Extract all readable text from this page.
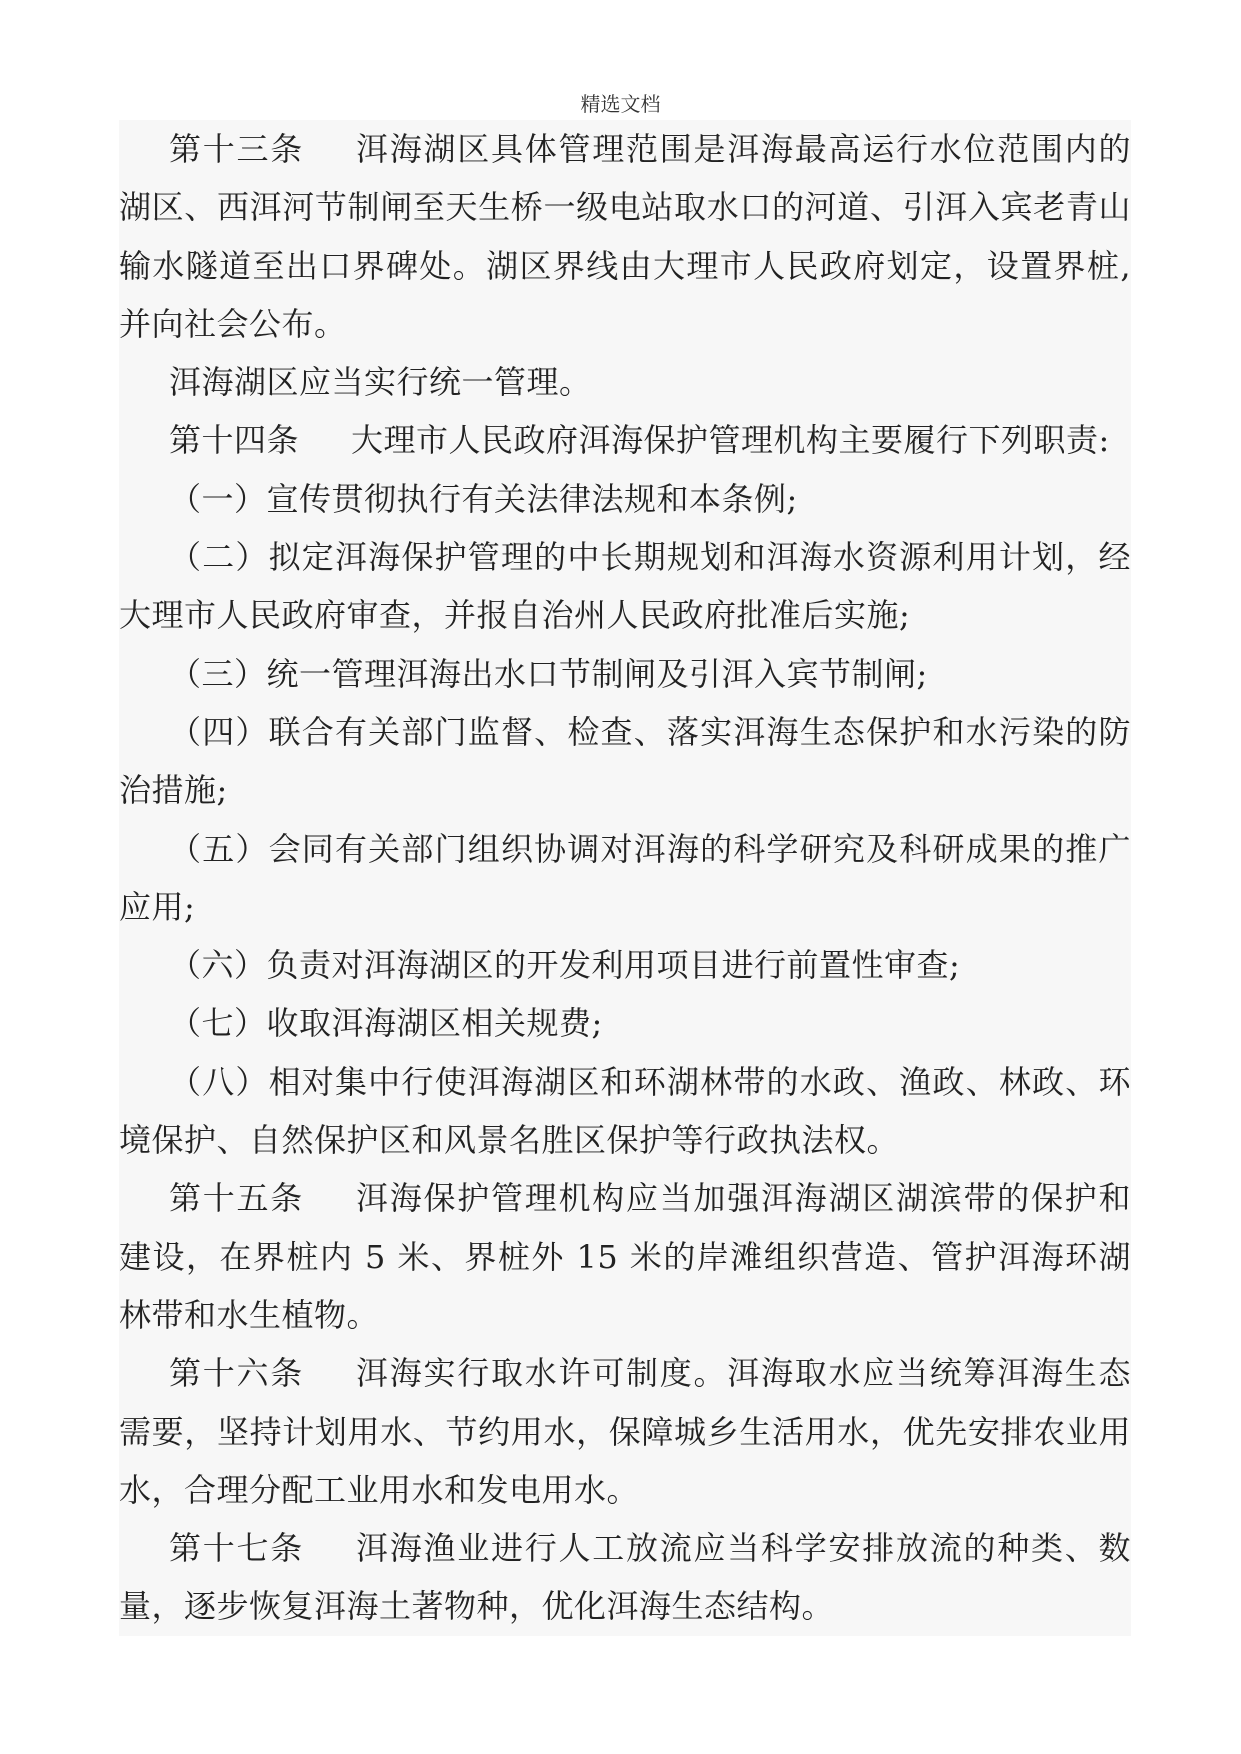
精选文档

第十三条 洱海湖区具体管理范围是洱海最高运行水位范围内的湖区、西洱河节制闸至天生桥一级电站取水口的河道、引洱入宾老青山输水隧道至出口界碑处。湖区界线由大理市人民政府划定，设置界桩, 并向社会公布。

洱海湖区应当实行统一管理。

第十四条 大理市人民政府洱海保护管理机构主要履行下列职责:

（一）宣传贯彻执行有关法律法规和本条例;

（二）拟定洱海保护管理的中长期规划和洱海水资源利用计划，经大理市人民政府审查，并报自治州人民政府批准后实施;

（三）统一管理洱海出水口节制闸及引洱入宾节制闸;

（四）联合有关部门监督、检查、落实洱海生态保护和水污染的防治措施;

（五）会同有关部门组织协调对洱海的科学研究及科研成果的推广应用;

（六）负责对洱海湖区的开发利用项目进行前置性审查;

（七）收取洱海湖区相关规费;

（八）相对集中行使洱海湖区和环湖林带的水政、渔政、林政、环境保护、自然保护区和风景名胜区保护等行政执法权。

第十五条 洱海保护管理机构应当加强洱海湖区湖滨带的保护和建设，在界桩内 5 米、界桩外 15 米的岸滩组织营造、管护洱海环湖林带和水生植物。

第十六条 洱海实行取水许可制度。洱海取水应当统筹洱海生态需要，坚持计划用水、节约用水，保障城乡生活用水，优先安排农业用水，合理分配工业用水和发电用水。

第十七条 洱海渔业进行人工放流应当科学安排放流的种类、数量，逐步恢复洱海土著物种，优化洱海生态结构。
